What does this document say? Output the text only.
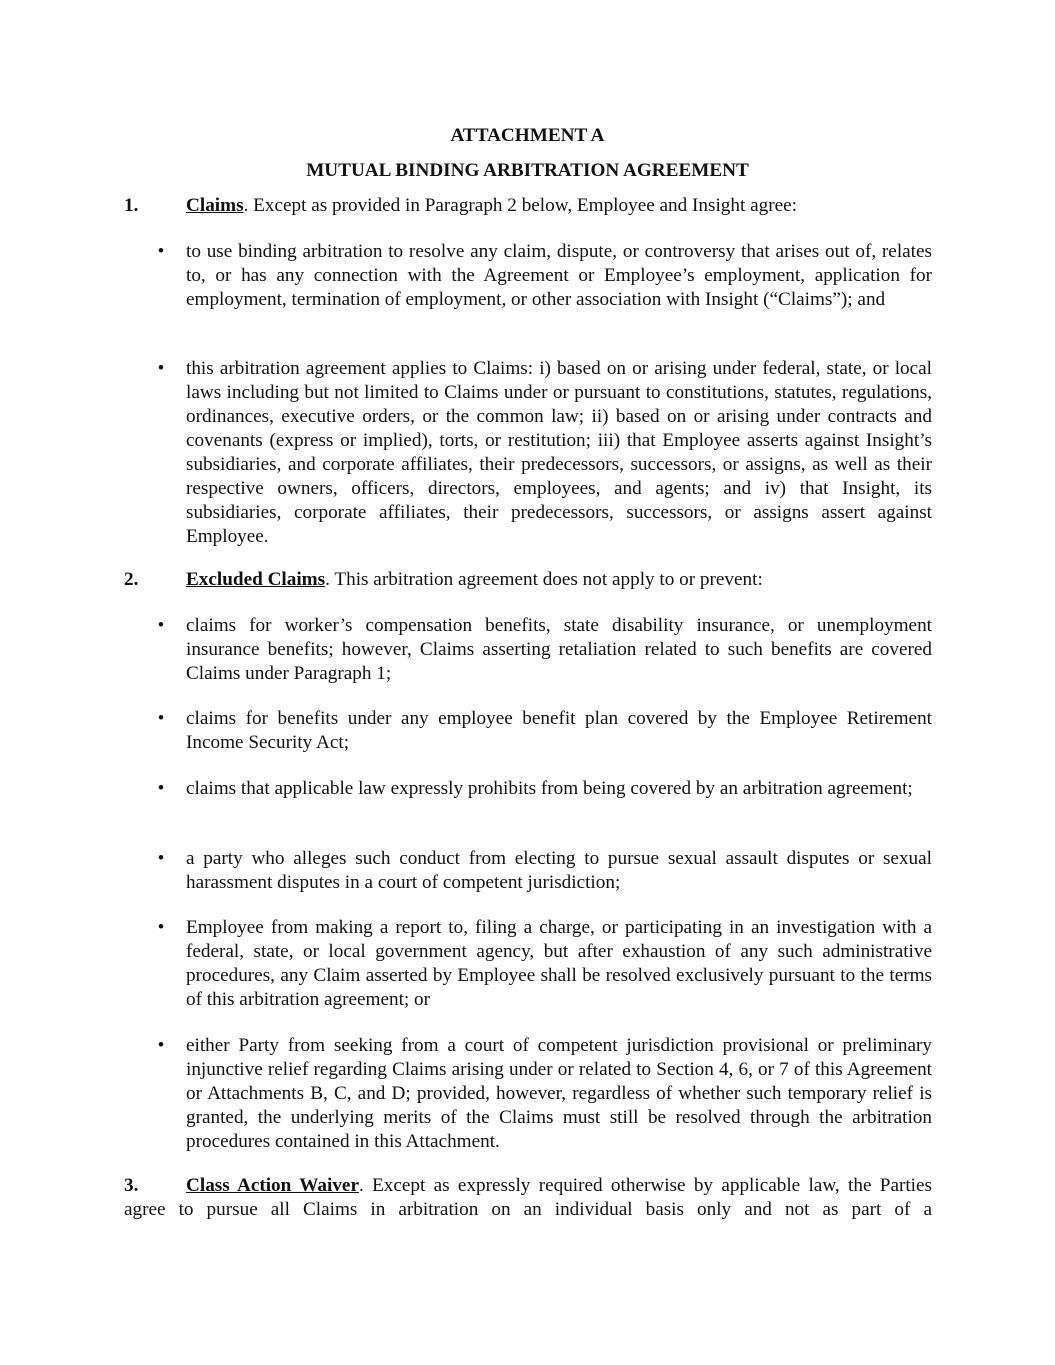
ATTACHMENT A
MUTUAL BINDING ARBITRATION AGREEMENT
1.	Claims. Except as provided in Paragraph 2 below, Employee and Insight agree:
• to use binding arbitration to resolve any claim, dispute, or controversy that arises out of, relates to, or has any connection with the Agreement or Employee’s employment, application for employment, termination of employment, or other association with Insight (“Claims”); and
• this arbitration agreement applies to Claims: i) based on or arising under federal, state, or local laws including but not limited to Claims under or pursuant to constitutions, statutes, regulations, ordinances, executive orders, or the common law; ii) based on or arising under contracts and covenants (express or implied), torts, or restitution; iii) that Employee asserts against Insight’s subsidiaries, and corporate affiliates, their predecessors, successors, or assigns, as well as their respective owners, officers, directors, employees, and agents; and iv) that Insight, its subsidiaries, corporate affiliates, their predecessors, successors, or assigns assert against Employee.
2.	Excluded Claims. This arbitration agreement does not apply to or prevent:
• claims for worker’s compensation benefits, state disability insurance, or unemployment insurance benefits; however, Claims asserting retaliation related to such benefits are covered Claims under Paragraph 1;
• claims for benefits under any employee benefit plan covered by the Employee Retirement Income Security Act;
• claims that applicable law expressly prohibits from being covered by an arbitration agreement;
• a party who alleges such conduct from electing to pursue sexual assault disputes or sexual harassment disputes in a court of competent jurisdiction;
• Employee from making a report to, filing a charge, or participating in an investigation with a federal, state, or local government agency, but after exhaustion of any such administrative procedures, any Claim asserted by Employee shall be resolved exclusively pursuant to the terms of this arbitration agreement; or
• either Party from seeking from a court of competent jurisdiction provisional or preliminary injunctive relief regarding Claims arising under or related to Section 4, 6, or 7 of this Agreement or Attachments B, C, and D; provided, however, regardless of whether such temporary relief is granted, the underlying merits of the Claims must still be resolved through the arbitration procedures contained in this Attachment.
3.	Class Action Waiver. Except as expressly required otherwise by applicable law, the Parties agree to pursue all Claims in arbitration on an individual basis only and not as part of a
